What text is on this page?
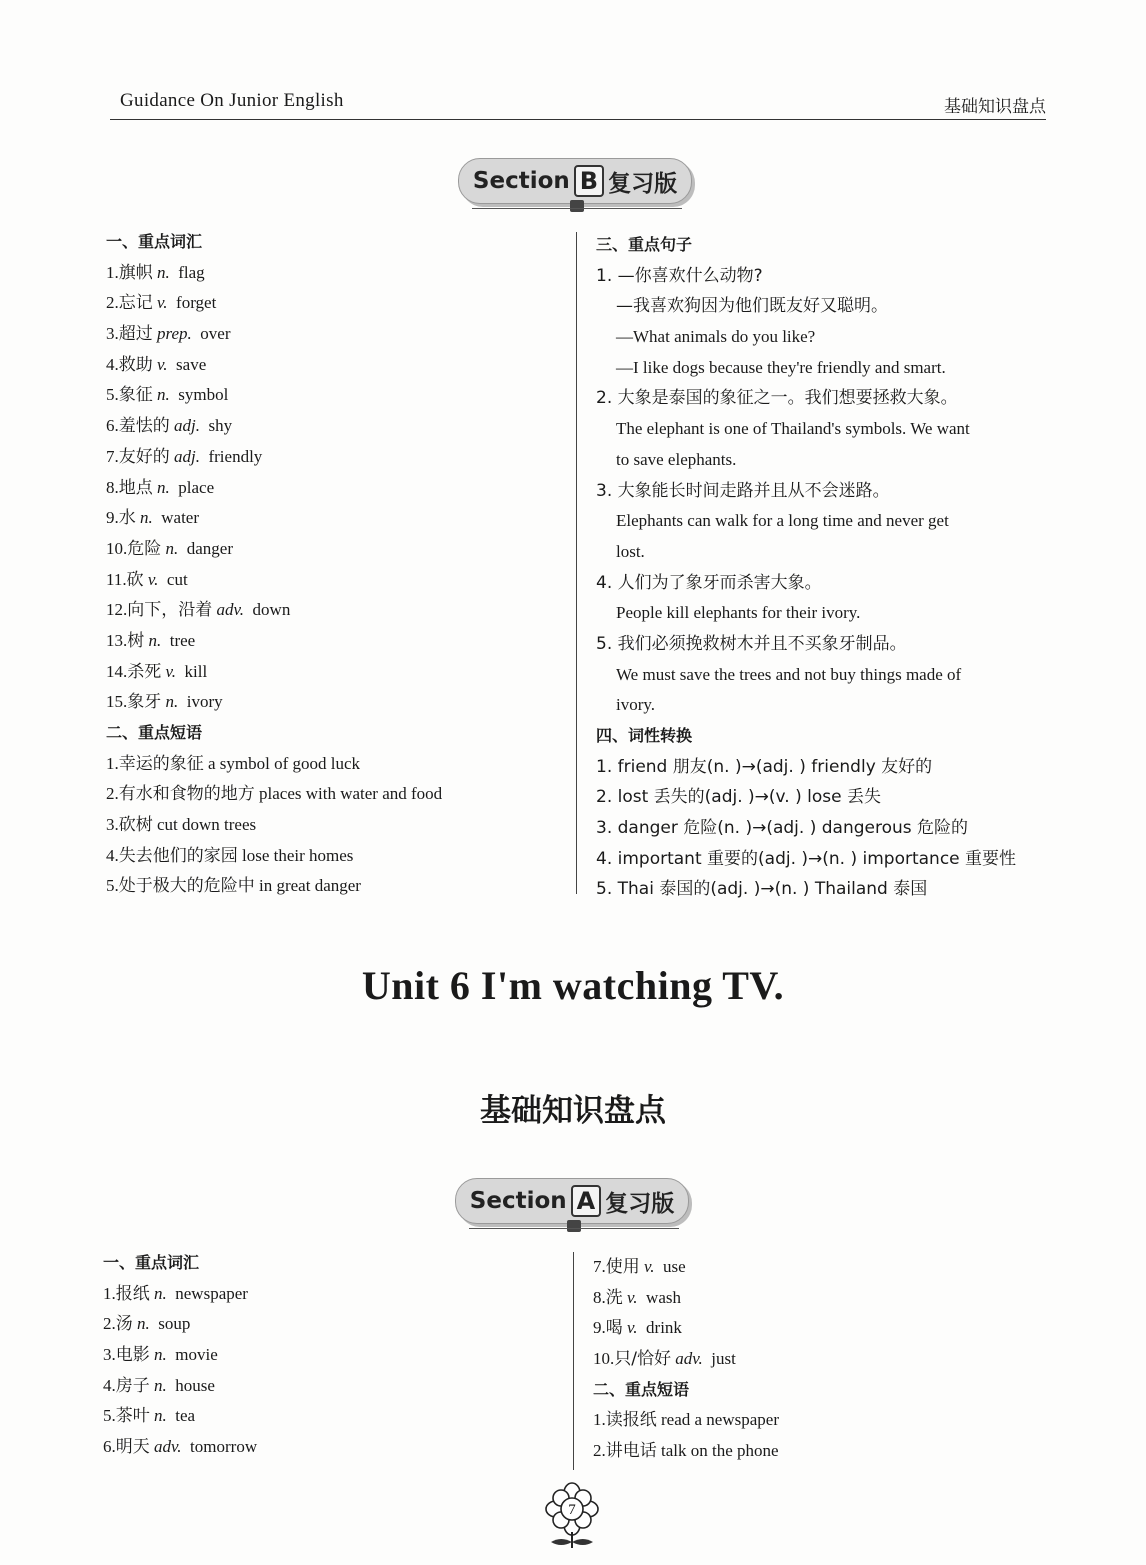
Guidance On Junior English	基础知识盘点
Section B 复习版
一、重点词汇
1.旗帜 n. flag
2.忘记 v. forget
3.超过 prep. over
4.救助 v. save
5.象征 n. symbol
6.羞怯的 adj. shy
7.友好的 adj. friendly
8.地点 n. place
9.水 n. water
10.危险 n. danger
11.砍 v. cut
12.向下，沿着 adv. down
13.树 n. tree
14.杀死 v. kill
15.象牙 n. ivory
二、重点短语
1.幸运的象征 a symbol of good luck
2.有水和食物的地方 places with water and food
3.砍树 cut down trees
4.失去他们的家园 lose their homes
5.处于极大的危险中 in great danger
三、重点句子
1. —你喜欢什么动物?
—我喜欢狗因为他们既友好又聪明。
—What animals do you like?
—I like dogs because they're friendly and smart.
2. 大象是泰国的象征之一。我们想要拯救大象。
The elephant is one of Thailand's symbols. We want
to save elephants.
3. 大象能长时间走路并且从不会迷路。
Elephants can walk for a long time and never get
lost.
4. 人们为了象牙而杀害大象。
People kill elephants for their ivory.
5. 我们必须挽救树木并且不买象牙制品。
We must save the trees and not buy things made of
ivory.
四、词性转换
1. friend 朋友(n. )→(adj. ) friendly 友好的
2. lost 丢失的(adj. )→(v. ) lose 丢失
3. danger 危险(n. )→(adj. ) dangerous 危险的
4. important 重要的(adj. )→(n. ) importance 重要性
5. Thai 泰国的(adj. )→(n. ) Thailand 泰国
Unit 6 I'm watching TV.
基础知识盘点
Section A 复习版
一、重点词汇
1.报纸 n. newspaper
2.汤 n. soup
3.电影 n. movie
4.房子 n. house
5.茶叶 n. tea
6.明天 adv. tomorrow
7.使用 v. use
8.洗 v. wash
9.喝 v. drink
10.只/恰好 adv. just
二、重点短语
1.读报纸 read a newspaper
2.讲电话 talk on the phone
7
